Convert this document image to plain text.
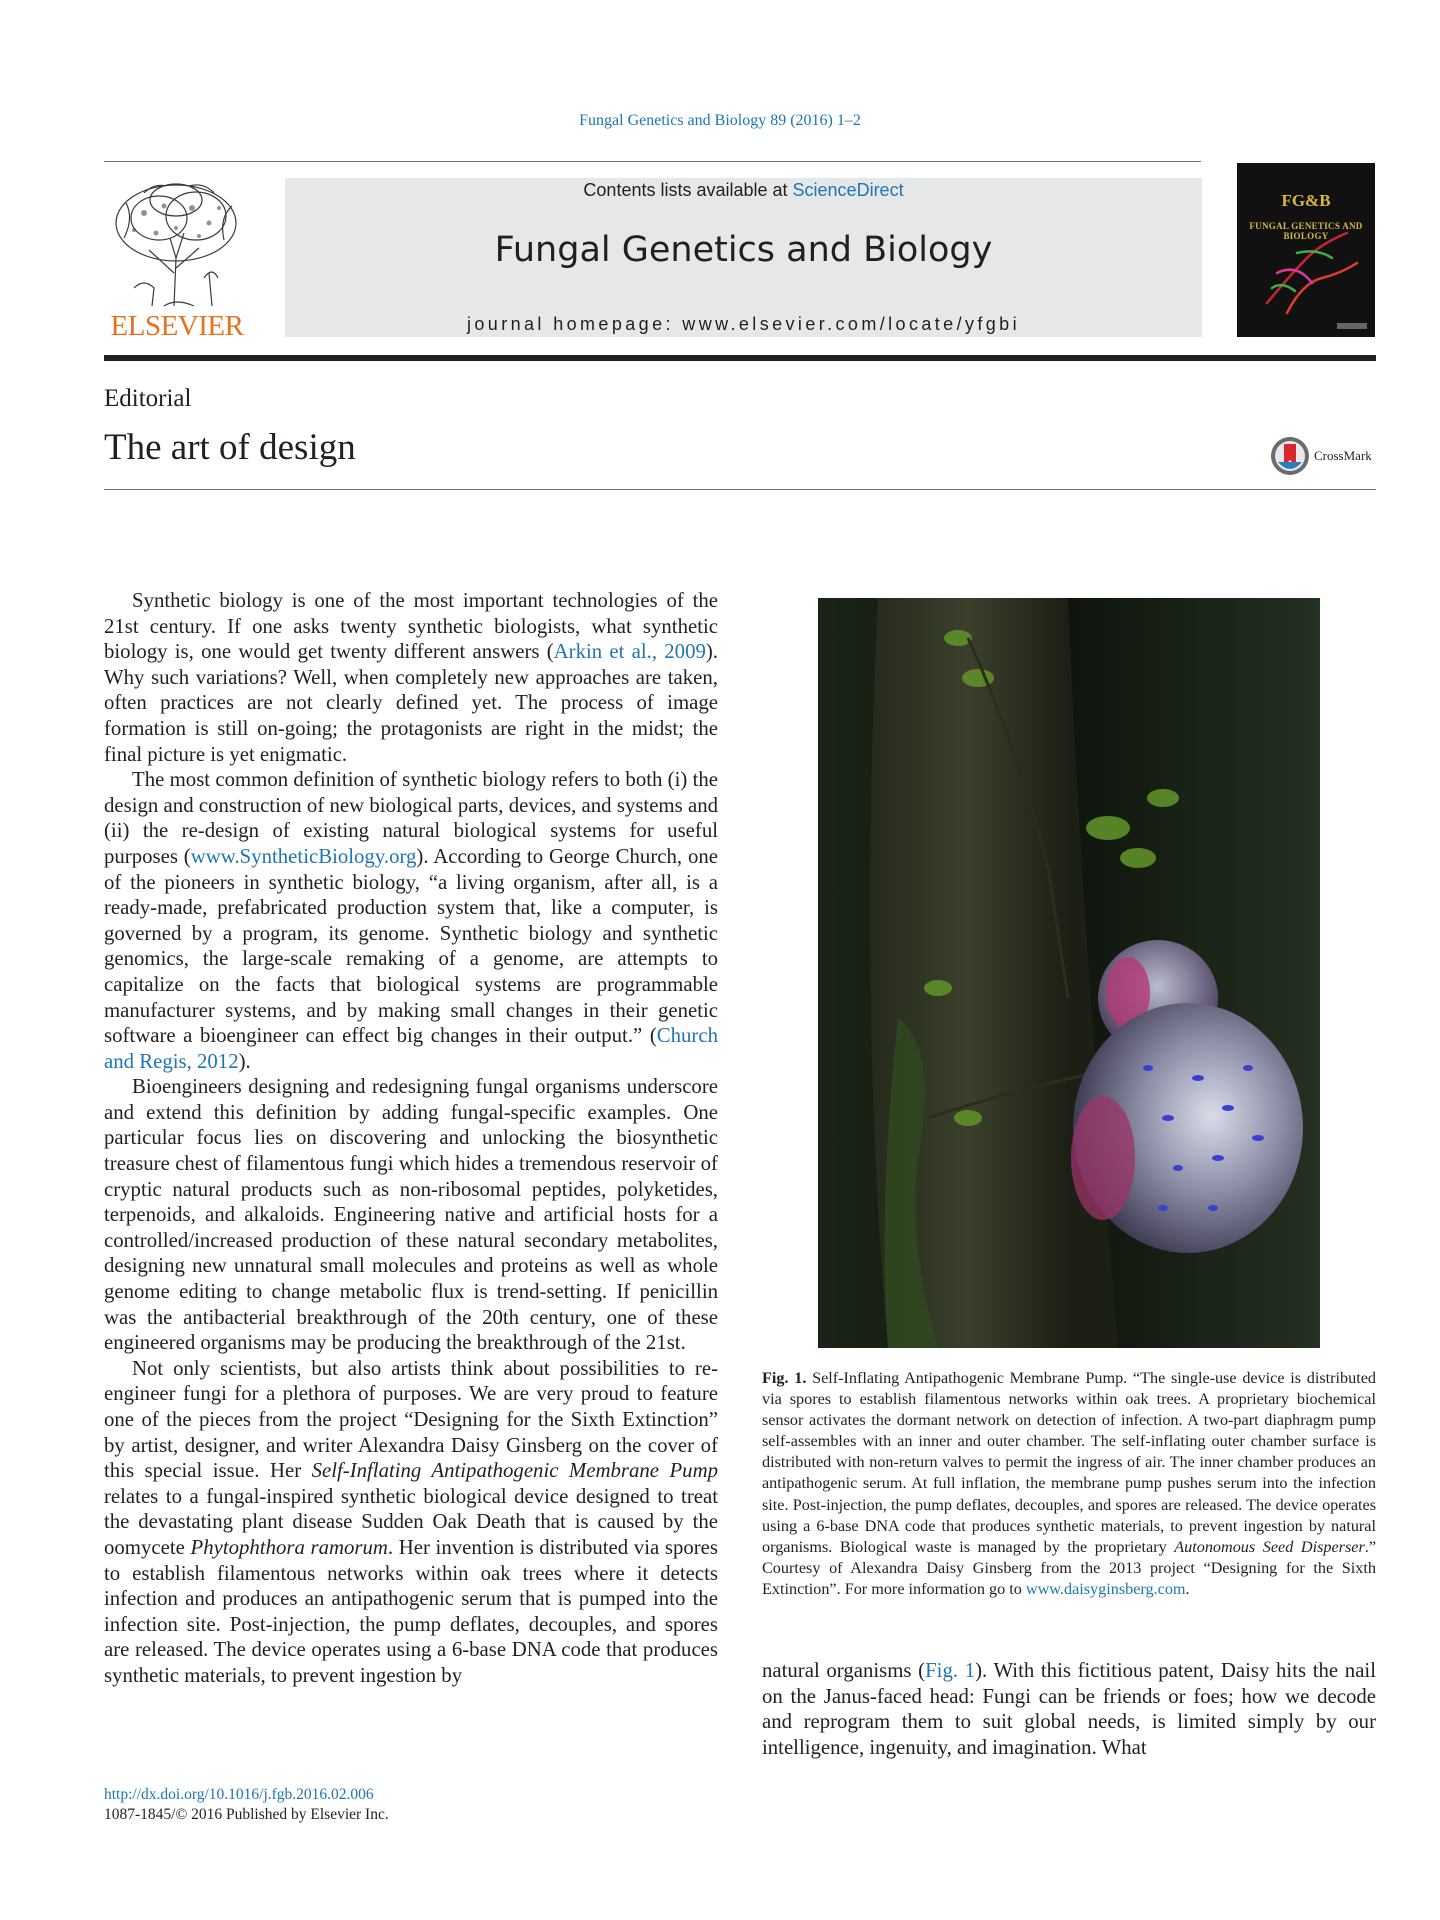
Fungal Genetics and Biology 89 (2016) 1–2
ELSEVIER
Contents lists available at ScienceDirect
Fungal Genetics and Biology
journal homepage: www.elsevier.com/locate/yfgbi
FG&B
FUNGAL GENETICS AND BIOLOGY
Editorial
The art of design	CrossMark

Synthetic biology is one of the most important technologies of the 21st century. If one asks twenty synthetic biologists, what synthetic biology is, one would get twenty different answers (Arkin et al., 2009). Why such variations? Well, when completely new approaches are taken, often practices are not clearly defined yet. The process of image formation is still on-going; the protagonists are right in the midst; the final picture is yet enigmatic.

The most common definition of synthetic biology refers to both (i) the design and construction of new biological parts, devices, and systems and (ii) the re-design of existing natural biological systems for useful purposes (www.SyntheticBiology.org). According to George Church, one of the pioneers in synthetic biology, “a living organism, after all, is a ready-made, prefabricated production system that, like a computer, is governed by a program, its genome. Synthetic biology and synthetic genomics, the large-scale remaking of a genome, are attempts to capitalize on the facts that biological systems are programmable manufacturer systems, and by making small changes in their genetic software a bioengineer can effect big changes in their output.” (Church and Regis, 2012).

Bioengineers designing and redesigning fungal organisms underscore and extend this definition by adding fungal-specific examples. One particular focus lies on discovering and unlocking the biosynthetic treasure chest of filamentous fungi which hides a tremendous reservoir of cryptic natural products such as non-ribosomal peptides, polyketides, terpenoids, and alkaloids. Engineering native and artificial hosts for a controlled/increased production of these natural secondary metabolites, designing new unnatural small molecules and proteins as well as whole genome editing to change metabolic flux is trend-setting. If penicillin was the antibacterial breakthrough of the 20th century, one of these engineered organisms may be producing the breakthrough of the 21st.

Not only scientists, but also artists think about possibilities to re-engineer fungi for a plethora of purposes. We are very proud to feature one of the pieces from the project “Designing for the Sixth Extinction” by artist, designer, and writer Alexandra Daisy Ginsberg on the cover of this special issue. Her Self-Inflating Antipathogenic Membrane Pump relates to a fungal-inspired synthetic biological device designed to treat the devastating plant disease Sudden Oak Death that is caused by the oomycete Phytophthora ramorum. Her invention is distributed via spores to establish filamentous networks within oak trees where it detects infection and produces an antipathogenic serum that is pumped into the infection site. Post-injection, the pump deflates, decouples, and spores are released. The device operates using a 6-base DNA code that produces synthetic materials, to prevent ingestion by

Fig. 1. Self-Inflating Antipathogenic Membrane Pump. “The single-use device is distributed via spores to establish filamentous networks within oak trees. A proprietary biochemical sensor activates the dormant network on detection of infection. A two-part diaphragm pump self-assembles with an inner and outer chamber. The self-inflating outer chamber surface is distributed with non-return valves to permit the ingress of air. The inner chamber produces an antipathogenic serum. At full inflation, the membrane pump pushes serum into the infection site. Post-injection, the pump deflates, decouples, and spores are released. The device operates using a 6-base DNA code that produces synthetic materials, to prevent ingestion by natural organisms. Biological waste is managed by the proprietary Autonomous Seed Disperser.” Courtesy of Alexandra Daisy Ginsberg from the 2013 project “Designing for the Sixth Extinction”. For more information go to www.daisyginsberg.com.
natural organisms (Fig. 1). With this fictitious patent, Daisy hits the nail on the Janus-faced head: Fungi can be friends or foes; how we decode and reprogram them to suit global needs, is limited simply by our intelligence, ingenuity, and imagination. What
http://dx.doi.org/10.1016/j.fgb.2016.02.006
1087-1845/© 2016 Published by Elsevier Inc.
